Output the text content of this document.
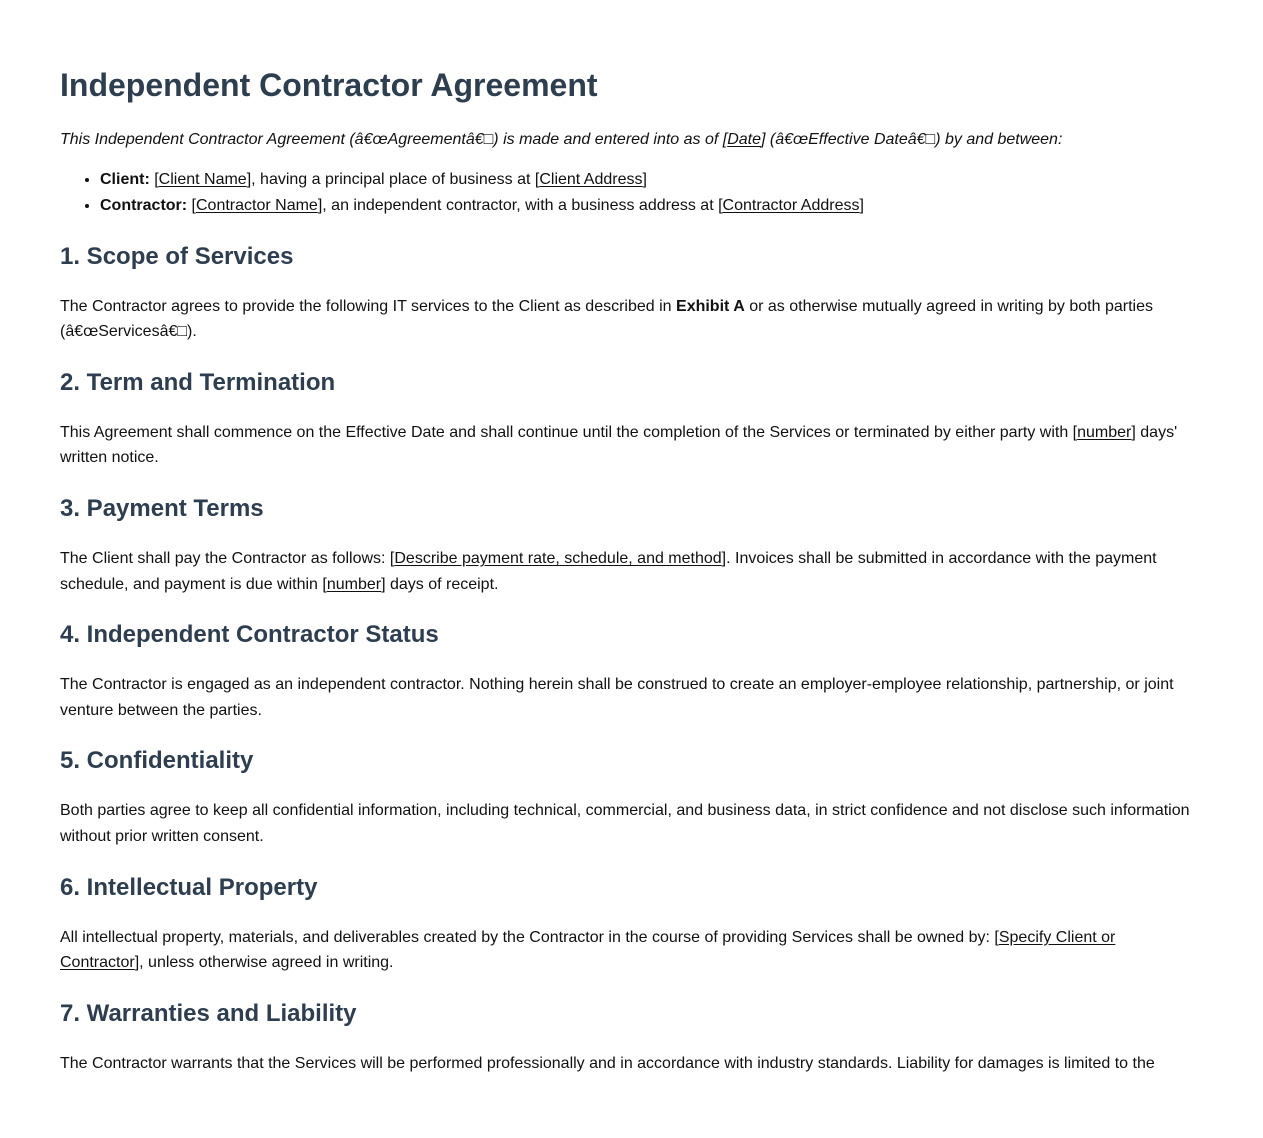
Independent Contractor Agreement

This Independent Contractor Agreement (â€œAgreementâ€□) is made and entered into as of [Date] (â€œEffective Dateâ€□) by and between:

• Client: [Client Name], having a principal place of business at [Client Address]
• Contractor: [Contractor Name], an independent contractor, with a business address at [Contractor Address]
1. Scope of Services

The Contractor agrees to provide the following IT services to the Client as described in Exhibit A or as otherwise mutually agreed in writing by both parties (â€œServicesâ€□).

2. Term and Termination

This Agreement shall commence on the Effective Date and shall continue until the completion of the Services or terminated by either party with [number] days' written notice.

3. Payment Terms

The Client shall pay the Contractor as follows: [Describe payment rate, schedule, and method]. Invoices shall be submitted in accordance with the payment schedule, and payment is due within [number] days of receipt.

4. Independent Contractor Status

The Contractor is engaged as an independent contractor. Nothing herein shall be construed to create an employer-employee relationship, partnership, or joint venture between the parties.

5. Confidentiality

Both parties agree to keep all confidential information, including technical, commercial, and business data, in strict confidence and not disclose such information without prior written consent.

6. Intellectual Property

All intellectual property, materials, and deliverables created by the Contractor in the course of providing Services shall be owned by: [Specify Client or Contractor], unless otherwise agreed in writing.

7. Warranties and Liability

The Contractor warrants that the Services will be performed professionally and in accordance with industry standards. Liability for damages is limited to the
